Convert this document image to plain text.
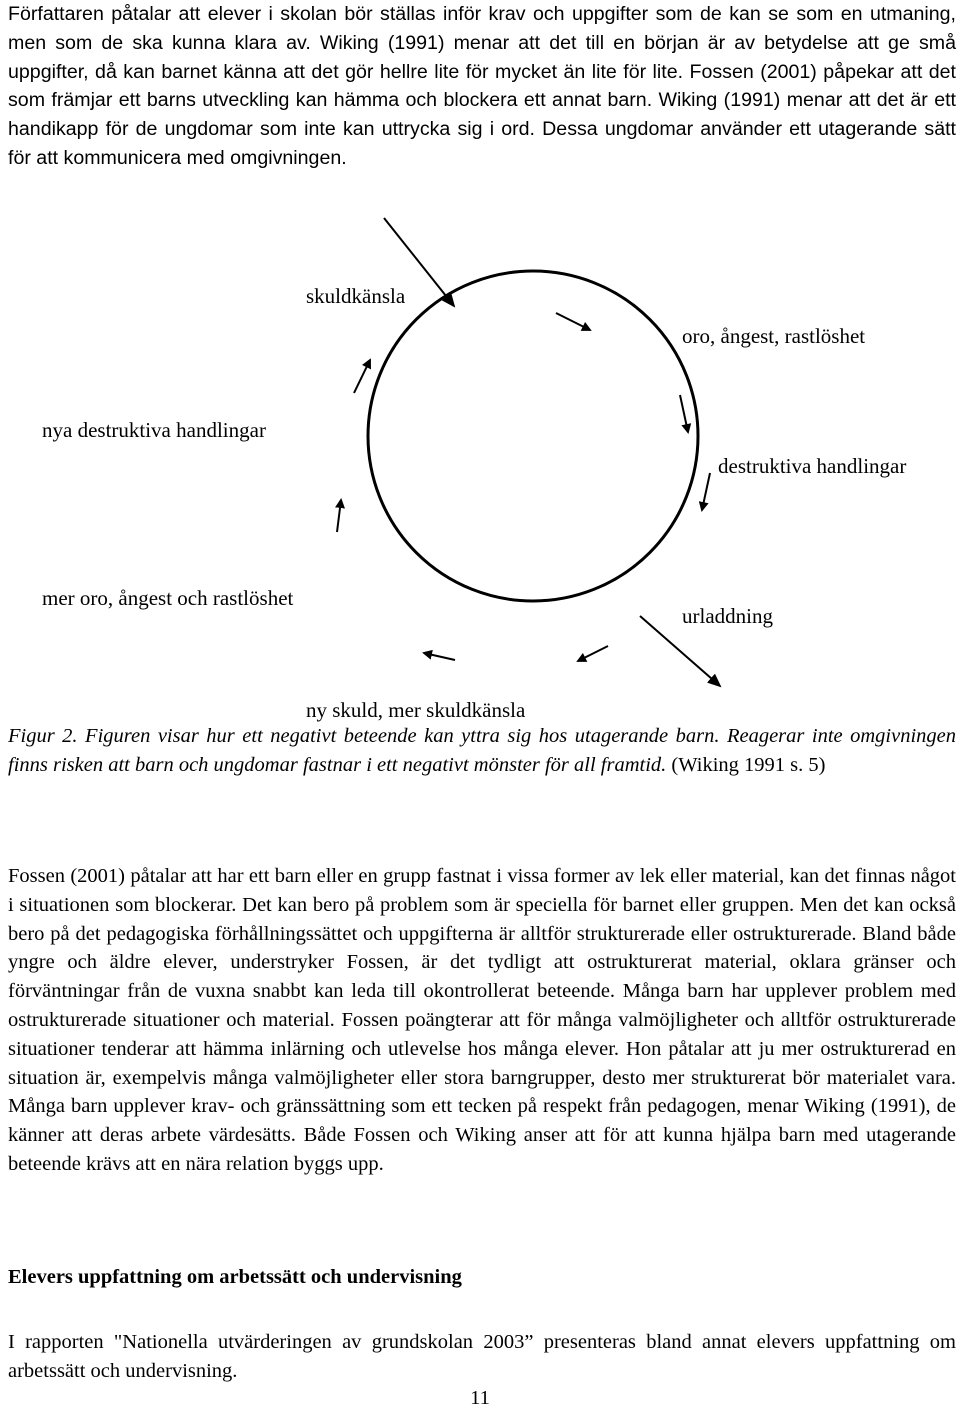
Författaren påtalar att elever i skolan bör ställas inför krav och uppgifter som de kan se som en utmaning, men som de ska kunna klara av. Wiking (1991) menar att det till en början är av betydelse att ge små uppgifter, då kan barnet känna att det gör hellre lite för mycket än lite för lite. Fossen (2001) påpekar att det som främjar ett barns utveckling kan hämma och blockera ett annat barn. Wiking (1991) menar att det är ett handikapp för de ungdomar som inte kan uttrycka sig i ord. Dessa ungdomar använder ett utagerande sätt för att kommunicera med omgivningen.

skuldkänsla
oro, ångest, rastlöshet
nya destruktiva handlingar
destruktiva handlingar
mer oro, ångest och rastlöshet
urladdning
ny skuld, mer skuldkänsla

Figur 2. Figuren visar hur ett negativt beteende kan yttra sig hos utagerande barn. Reagerar inte omgivningen finns risken att barn och ungdomar fastnar i ett negativt mönster för all framtid. (Wiking 1991 s. 5)

Fossen (2001) påtalar att har ett barn eller en grupp fastnat i vissa former av lek eller material, kan det finnas något i situationen som blockerar. Det kan bero på problem som är speciella för barnet eller gruppen. Men det kan också bero på det pedagogiska förhållningssättet och uppgifterna är alltför strukturerade eller ostrukturerade. Bland både yngre och äldre elever, understryker Fossen, är det tydligt att ostrukturerat material, oklara gränser och förväntningar från de vuxna snabbt kan leda till okontrollerat beteende. Många barn har upplever problem med ostrukturerade situationer och material. Fossen poängterar att för många valmöjligheter och alltför ostrukturerade situationer tenderar att hämma inlärning och utlevelse hos många elever. Hon påtalar att ju mer ostrukturerad en situation är, exempelvis många valmöjligheter eller stora barngrupper, desto mer strukturerat bör materialet vara. Många barn upplever krav- och gränssättning som ett tecken på respekt från pedagogen, menar Wiking (1991), de känner att deras arbete värdesätts. Både Fossen och Wiking anser att för att kunna hjälpa barn med utagerande beteende krävs att en nära relation byggs upp.

Elevers uppfattning om arbetssätt och undervisning

I rapporten "Nationella utvärderingen av grundskolan 2003” presenteras bland annat elevers uppfattning om arbetssätt och undervisning.

11
